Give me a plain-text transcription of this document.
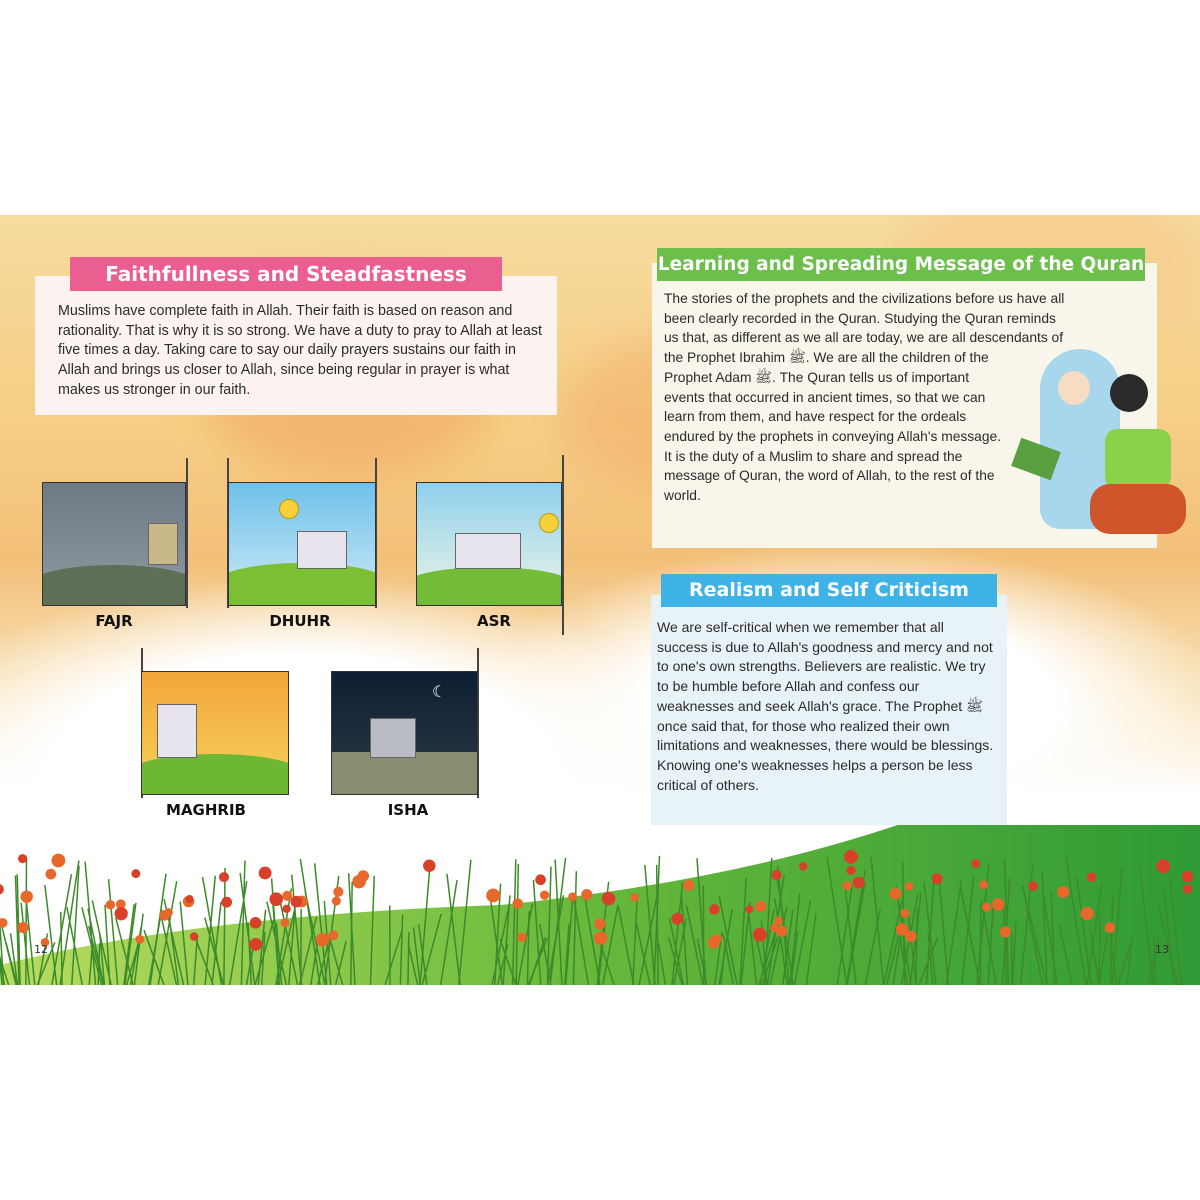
Faithfullness and Steadfastness
Muslims have complete faith in Allah. Their faith is based on reason and rationality. That is why it is so strong. We have a duty to pray to Allah at least five times a day. Taking care to say our daily prayers sustains our faith in Allah and brings us closer to Allah, since being regular in prayer is what makes us stronger in our faith.
☾
FAJR	DHUHR	ASR
MAGHRIB	ISHA
Learning and Spreading Message of the Quran
The stories of the prophets and the civilizations before us have all been clearly recorded in the Quran. Studying the Quran reminds us that, as different as we all are today, we are all descendants of the Prophet Ibrahim ﷺ. We are all the children of the Prophet Adam ﷺ. The Quran tells us of important events that occurred in ancient times, so that we can learn from them, and have respect for the ordeals endured by the prophets in conveying Allah's message. It is the duty of a Muslim to share and spread the message of Quran, the word of Allah, to the rest of the world.
Realism and Self Criticism
We are self-critical when we remember that all success is due to Allah's goodness and mercy and not to one's own strengths. Believers are realistic. We try to be humble before Allah and confess our weaknesses and seek Allah's grace. The Prophet ﷺ once said that, for those who realized their own limitations and weaknesses, there would be blessings. Knowing one's weaknesses helps a person be less critical of others.
12	13
